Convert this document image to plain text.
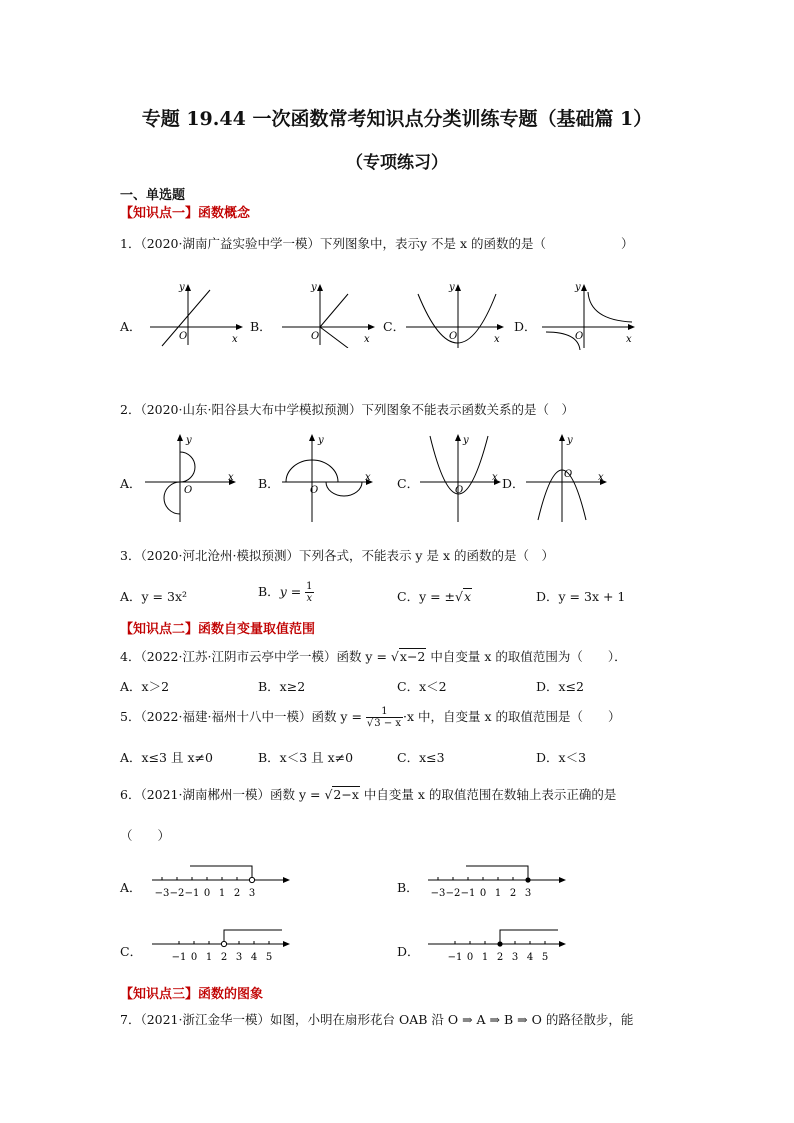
专题 19.44 一次函数常考知识点分类训练专题（基础篇 1）
（专项练习）
一、单选题
【知识点一】函数概念
1．（2020·湖南广益实验中学一模）下列图象中，表示y 不是 x 的函数的是（　　　　　　）
A．
y
x
O
B．
y
x
O
C．
y
x
O
D．
y
x
O
2．（2020·山东·阳谷县大布中学模拟预测）下列图象不能表示函数关系的是（　）
A．
y
x
O	B．
y
x
O	C．
y
x
O	D．
y
x
O
3．（2020·河北沧州·模拟预测）下列各式，不能表示 y 是 x 的函数的是（　）
A．y = 3x²	B．$y = \frac{1}{x}$	C．y = ±√x	D．y = 3x + 1
【知识点二】函数自变量取值范围
4．（2022·江苏·江阴市云亭中学一模）函数 y = √x−2 中自变量 x 的取值范围为（　　）．
A．x＞2	B．x≥2	C．x＜2	D．x≤2
5．（2022·福建·福州十八中一模）函数 $y = \frac{1}{√3 - x} \cdot x$ 中，自变量 x 的取值范围是（　　）
A．x≤3 且 x≠0	B．x＜3 且 x≠0	C．x≤3	D．x＜3
6．（2021·湖南郴州一模）函数 y = √2−x 中自变量 x 的取值范围在数轴上表示正确的是
（　　）
A． −3 −2 −1 0 1 2 3	B． −3 −2 −1 0 1 2 3
C．	−1 0 1 2 3 4 5	D．	−1 0 1 2 3 4 5
【知识点三】函数的图象
7．（2021·浙江金华一模）如图，小明在扇形花台 OAB 沿 O ⇒ A ⇒ B ⇒ O 的路径散步，能
